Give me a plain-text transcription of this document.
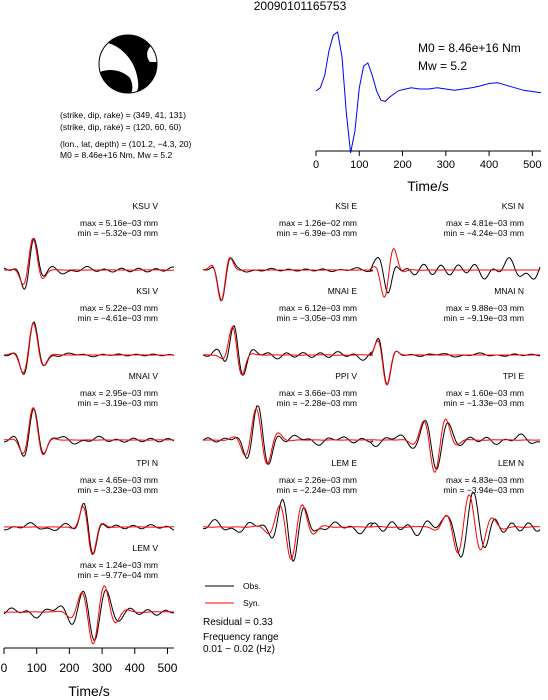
20090101165753
(strike, dip, rake) = (349, 41, 131)
(strike, dip, rake) = (120, 60, 60)
(lon., lat, depth) = (101.2, −4.3, 20)
M0 = 8.46e+16 Nm, Mw = 5.2
0	100 200 300 400 500
M0 = 8.46e+16 Nm
Mw = 5.2
Time/s
KSU V
max = 5.16e−03 mm
min = −5.32e−03 mm
KSI E
max = 1.26e−02 mm
min = −6.39e−03 mm
KSI N
max = 4.81e−03 mm
min = −4.24e−03 mm
KSI V
max = 5.22e−03 mm
min = −4.61e−03 mm
MNAI E
max = 6.12e−03 mm
min = −3.05e−03 mm
MNAI N
max = 9.88e−03 mm
min = −9.19e−03 mm
MNAI V
max = 2.95e−03 mm
min = −3.19e−03 mm
PPI V
max = 3.66e−03 mm
min = −2.28e−03 mm
TPI E
max = 1.60e−03 mm
min = −1.33e−03 mm
TPI N
max = 4.65e−03 mm
min = −3.23e−03 mm
LEM E
max = 2.26e−03 mm
min = −2.24e−03 mm
LEM N
max = 4.83e−03 mm
min = −3.94e−03 mm
LEM V
max = 1.24e−03 mm
min = −9.77e−04 mm
0 100 200 300 400 500
Time/s
Obs.
Syn.
Residual = 0.33
Frequency range
0.01 − 0.02 (Hz)
